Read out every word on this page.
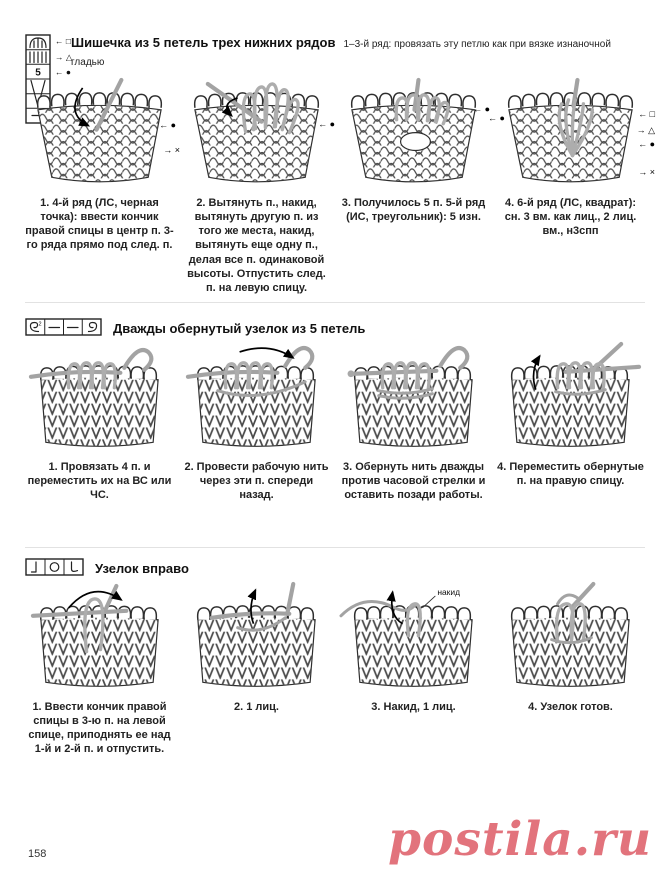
5
← □
→ △
← ●
Шишечка из 5 петель трех нижних рядов 1–3-й ряд: провязать эту петлю как при вязке изнаночной гладью
← ●
→ ×
← ●
← ●
← ●	← □
→ △
← ●
→ ×

1. 4-й ряд (ЛС, черная точка): ввести кончик правой спицы в центр п. 3-го ряда прямо под след. п.

2. Вытянуть п., накид, вытянуть другую п. из того же места, накид, вытянуть еще одну п., делая все п. одинаковой высоты. Отпустить след. п. на левую спицу.

3. Получилось 5 п. 5-й ряд (ИС, треугольник): 5 изн.

4. 6-й ряд (ЛС, квадрат): сн. 3 вм. как лиц., 2 лиц. вм., н3спп

2	Дважды обернутый узелок из 5 петель

1. Провязать 4 п. и переместить их на ВС или ЧС.

2. Провести рабочую нить через эти п. спереди назад.

3. Обернуть нить дважды против часовой стрелки и оставить позади работы.

4. Переместить обернутые п. на правую спицу.

Узелок вправо
накид

1. Ввести кончик правой спицы в 3-ю п. на левой спице, приподнять ее над 1-й и 2-й п. и отпустить.

2. 1 лиц.	3. Накид, 1 лиц.	4. Узелок готов.

158	postila.ru
